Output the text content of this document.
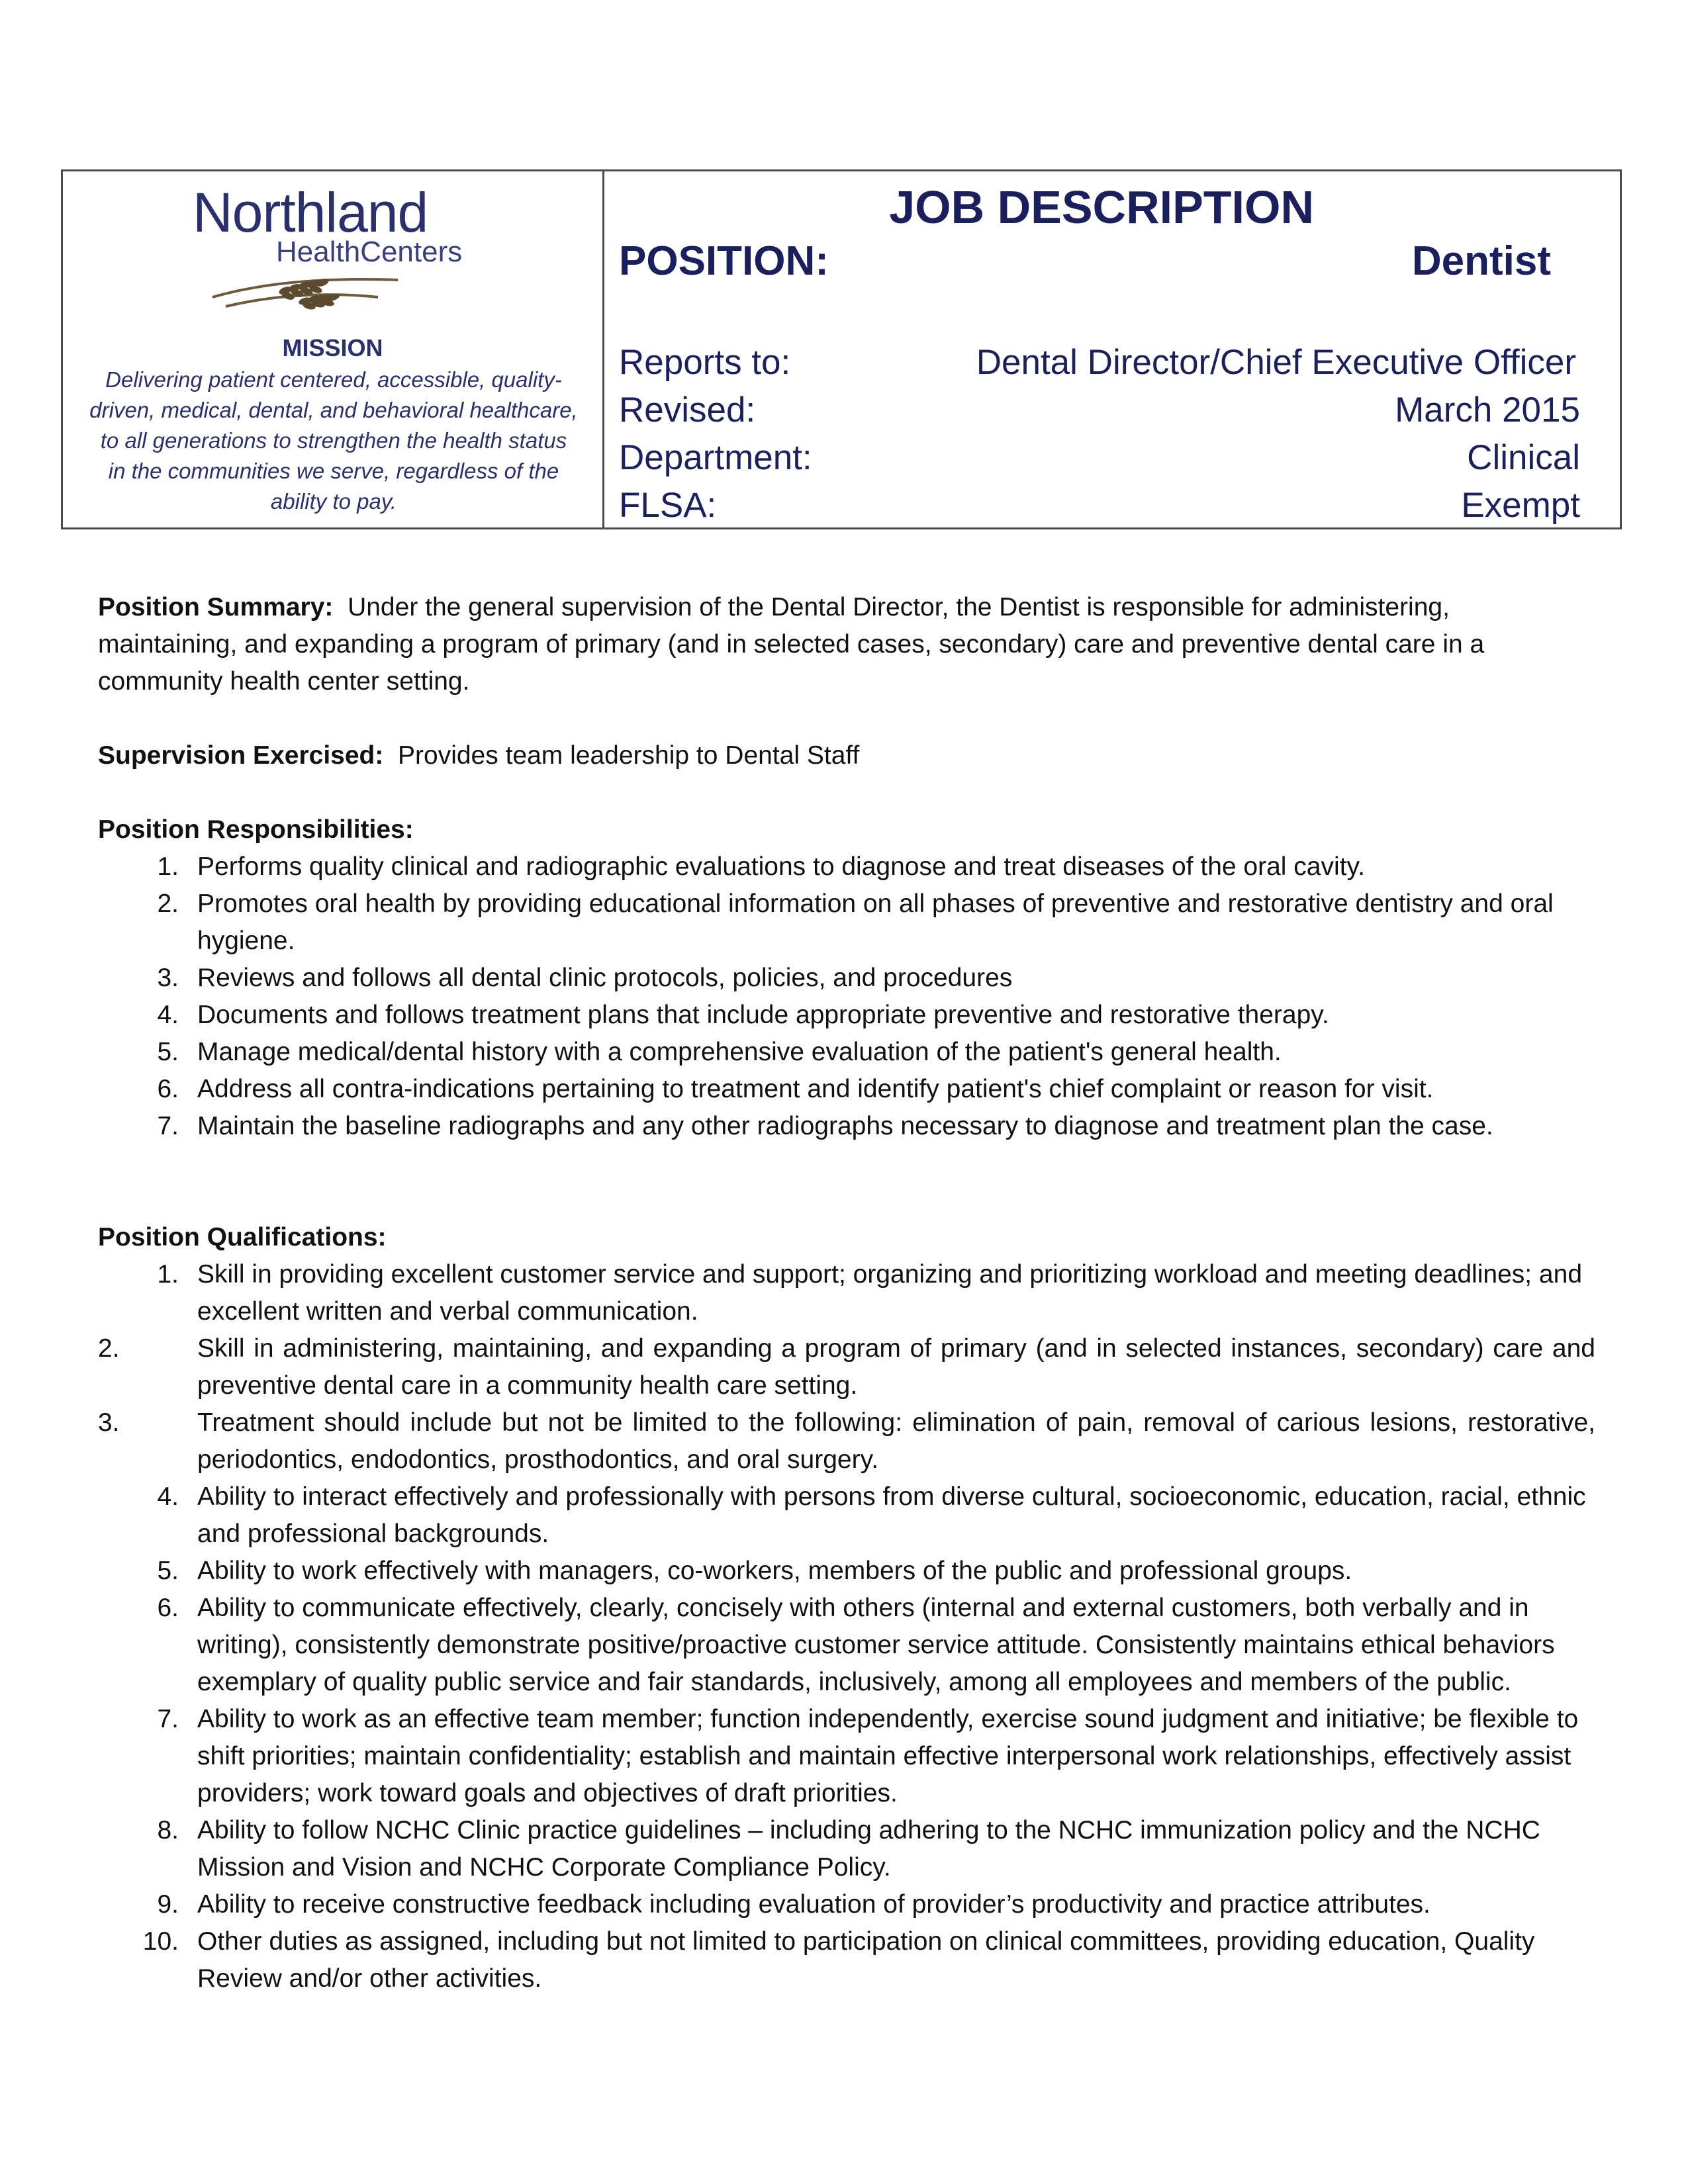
Northland
HealthCenters
MISSION
Delivering patient centered, accessible, quality-driven, medical, dental, and behavioral healthcare, to all generations to strengthen the health status in the communities we serve, regardless of the ability to pay.
JOB DESCRIPTION
POSITION:	Dentist
Reports to:	Dental Director/Chief Executive Officer
Revised:	March 2015
Department:	Clinical
FLSA:	Exempt
Position Summary: Under the general supervision of the Dental Director, the Dentist is responsible for administering, maintaining, and expanding a program of primary (and in selected cases, secondary) care and preventive dental care in a community health center setting.
Supervision Exercised: Provides team leadership to Dental Staff
Position Responsibilities:
1. Performs quality clinical and radiographic evaluations to diagnose and treat diseases of the oral cavity.
2. Promotes oral health by providing educational information on all phases of preventive and restorative dentistry and oral hygiene.
3. Reviews and follows all dental clinic protocols, policies, and procedures
4. Documents and follows treatment plans that include appropriate preventive and restorative therapy.
5. Manage medical/dental history with a comprehensive evaluation of the patient's general health.
6. Address all contra-indications pertaining to treatment and identify patient's chief complaint or reason for visit.
7. Maintain the baseline radiographs and any other radiographs necessary to diagnose and treatment plan the case.
Position Qualifications:
1. Skill in providing excellent customer service and support; organizing and prioritizing workload and meeting deadlines; and excellent written and verbal communication.
2.	Skill in administering, maintaining, and expanding a program of primary (and in selected instances, secondary) care and preventive dental care in a community health care setting.
3.	Treatment should include but not be limited to the following: elimination of pain, removal of carious lesions, restorative, periodontics, endodontics, prosthodontics, and oral surgery.
4. Ability to interact effectively and professionally with persons from diverse cultural, socioeconomic, education, racial, ethnic and professional backgrounds.
5. Ability to work effectively with managers, co-workers, members of the public and professional groups.
6. Ability to communicate effectively, clearly, concisely with others (internal and external customers, both verbally and in writing), consistently demonstrate positive/proactive customer service attitude. Consistently maintains ethical behaviors exemplary of quality public service and fair standards, inclusively, among all employees and members of the public.
7. Ability to work as an effective team member; function independently, exercise sound judgment and initiative; be flexible to shift priorities; maintain confidentiality; establish and maintain effective interpersonal work relationships, effectively assist providers; work toward goals and objectives of draft priorities.
8. Ability to follow NCHC Clinic practice guidelines – including adhering to the NCHC immunization policy and the NCHC Mission and Vision and NCHC Corporate Compliance Policy.
9. Ability to receive constructive feedback including evaluation of provider’s productivity and practice attributes.
10. Other duties as assigned, including but not limited to participation on clinical committees, providing education, Quality Review and/or other activities.
